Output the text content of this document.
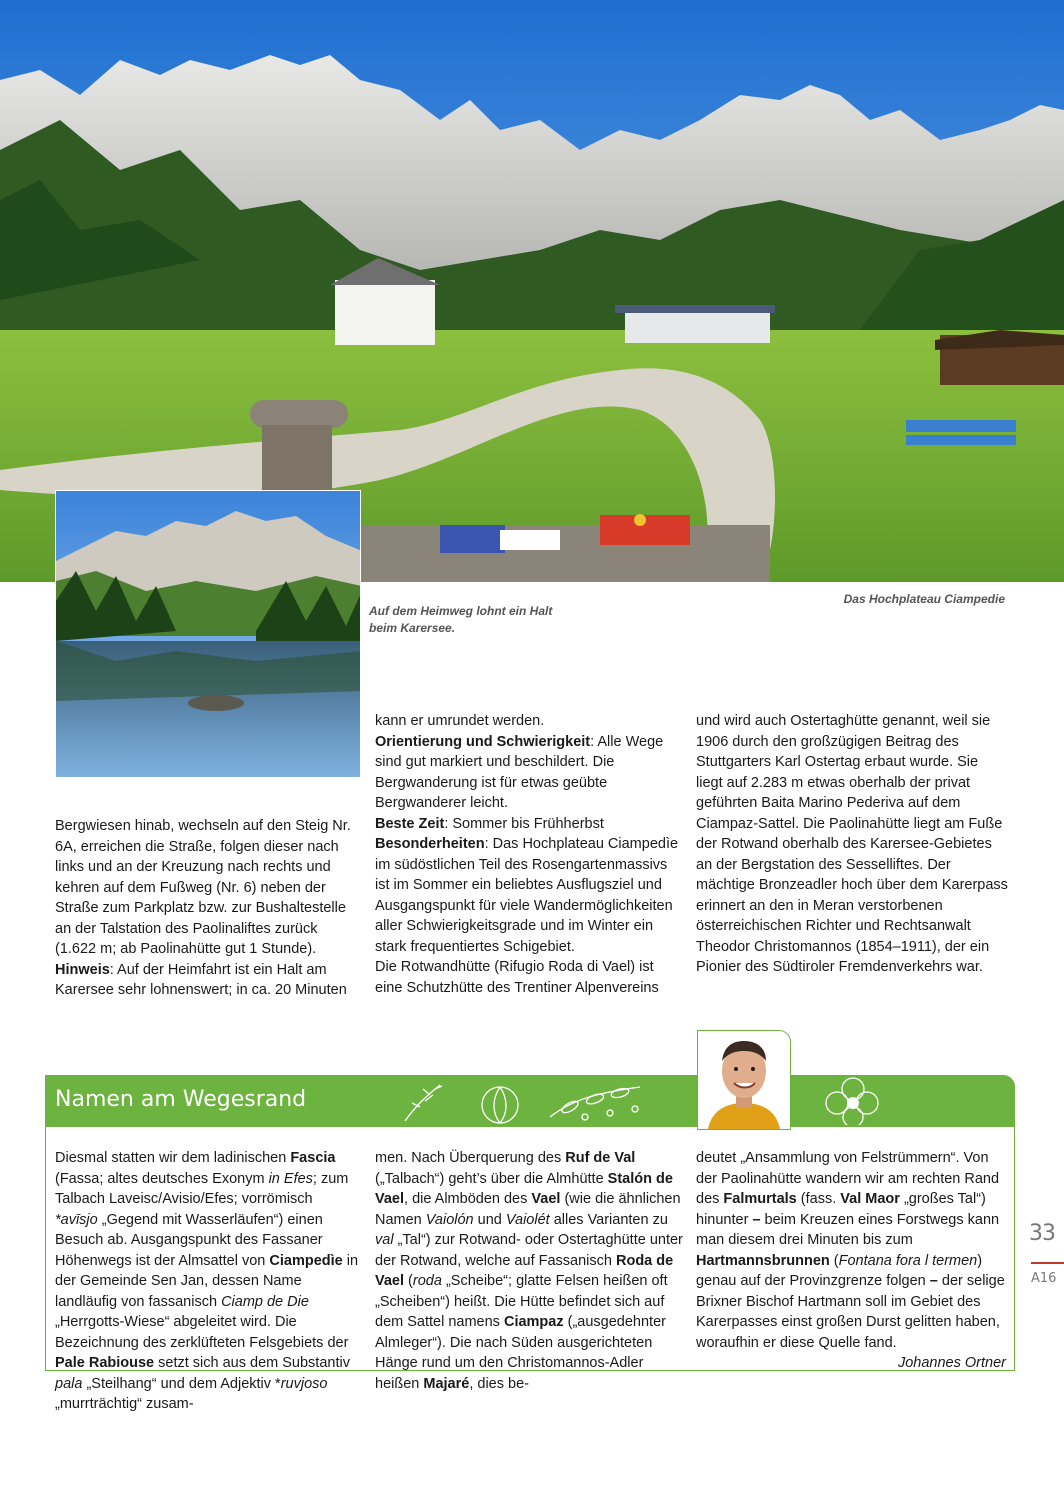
Auf dem Heimweg lohnt ein Halt beim Karersee.
Das Hochplateau Ciampedie

Bergwiesen hinab, wechseln auf den Steig Nr. 6A, erreichen die Straße, folgen dieser nach links und an der Kreuzung nach rechts und kehren auf dem Fußweg (Nr. 6) neben der Straße zum Parkplatz bzw. zur Bushaltestelle an der Talstation des Paolinaliftes zurück (1.622 m; ab Paolinahütte gut 1 Stunde).

Hinweis: Auf der Heimfahrt ist ein Halt am Karersee sehr lohnenswert; in ca. 20 Minuten

kann er umrundet werden.

Orientierung und Schwierigkeit: Alle Wege sind gut markiert und beschildert. Die Bergwanderung ist für etwas geübte Bergwanderer leicht.

Beste Zeit: Sommer bis Frühherbst

Besonderheiten: Das Hochplateau Ciampedìe im südöstlichen Teil des Rosengartenmassivs ist im Sommer ein beliebtes Ausflugsziel und Ausgangspunkt für viele Wandermöglichkeiten aller Schwierigkeitsgrade und im Winter ein stark frequentiertes Schigebiet.

Die Rotwandhütte (Rifugio Roda di Vael) ist eine Schutzhütte des Trentiner Alpenvereins

und wird auch Ostertaghütte genannt, weil sie 1906 durch den großzügigen Beitrag des Stuttgarters Karl Ostertag erbaut wurde. Sie liegt auf 2.283 m etwas oberhalb der privat geführten Baita Marino Pederiva auf dem Ciampaz-Sattel. Die Paolinahütte liegt am Fuße der Rotwand oberhalb des Karersee-Gebietes an der Bergstation des Sesselliftes. Der mächtige Bronzeadler hoch über dem Karerpass erinnert an den in Meran verstorbenen österreichischen Richter und Rechtsanwalt Theodor Christomannos (1854–1911), der ein Pionier des Südtiroler Fremdenverkehrs war.

Namen am Wegesrand

Diesmal statten wir dem ladinischen Fascia (Fassa; altes deutsches Exonym in Efes; zum Talbach Laveisc/Avisio/Efes; vorrömisch *avīsjo „Gegend mit Wasserläufen“) einen Besuch ab. Ausgangspunkt des Fassaner Höhenwegs ist der Almsattel von Ciampedìe in der Gemeinde Sen Jan, dessen Name landläufig von fassanisch Ciamp de Die „Herrgotts-Wiese“ abgeleitet wird. Die Bezeichnung des zerklüfteten Felsgebiets der Pale Rabiouse setzt sich aus dem Substantiv pala „Steilhang“ und dem Adjektiv *ruvjoso „murrträchtig“ zusam-

men. Nach Überquerung des Ruf de Val („Talbach“) geht’s über die Almhütte Stalón de Vael, die Almböden des Vael (wie die ähnlichen Namen Vaiolón und Vaiolét alles Varianten zu val „Tal“) zur Rotwand- oder Ostertaghütte unter der Rotwand, welche auf Fassanisch Roda de Vael (roda „Scheibe“; glatte Felsen heißen oft „Scheiben“) heißt. Die Hütte befindet sich auf dem Sattel namens Ciampaz („ausgedehnter Almleger“). Die nach Süden ausgerichteten Hänge rund um den Christomannos-Adler heißen Majaré, dies be-

deutet „Ansammlung von Felstrümmern“. Von der Paolinahütte wandern wir am rechten Rand des Falmurtals (fass. Val Maor „großes Tal“) hinunter – beim Kreuzen eines Forstwegs kann man diesem drei Minuten bis zum Hartmannsbrunnen (Fontana fora l termen) genau auf der Provinzgrenze folgen – der selige Brixner Bischof Hartmann soll im Gebiet des Karerpasses einst großen Durst gelitten haben, woraufhin er diese Quelle fand.

Johannes Ortner

33
A16
